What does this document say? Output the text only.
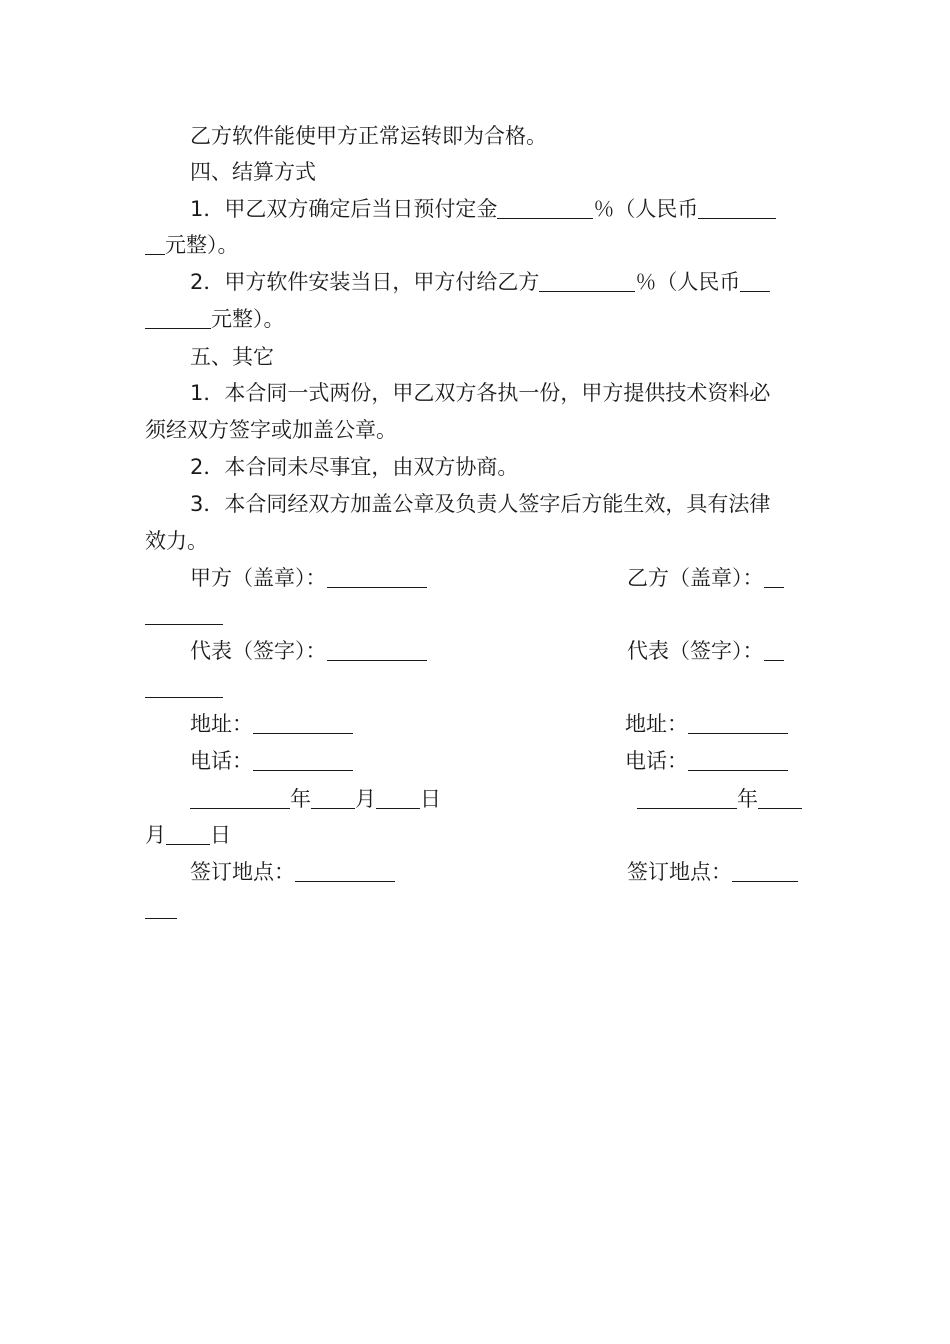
乙方软件能使甲方正常运转即为合格。
四、结算方式
1．甲乙双方确定后当日预付定金	％（人民币
元整）。
2．甲方软件安装当日，甲方付给乙方	％（人民币
元整）。
五、其它
1．本合同一式两份，甲乙双方各执一份，甲方提供技术资料必
须经双方签字或加盖公章。
2．本合同未尽事宜，由双方协商。
3．本合同经双方加盖公章及负责人签字后方能生效，具有法律
效力。
甲方（盖章）：	乙方（盖章）：
代表（签字）：	代表（签字）：
地址：	地址：
电话：	电话：
年 月 日	年
月 日
签订地点：	签订地点：
